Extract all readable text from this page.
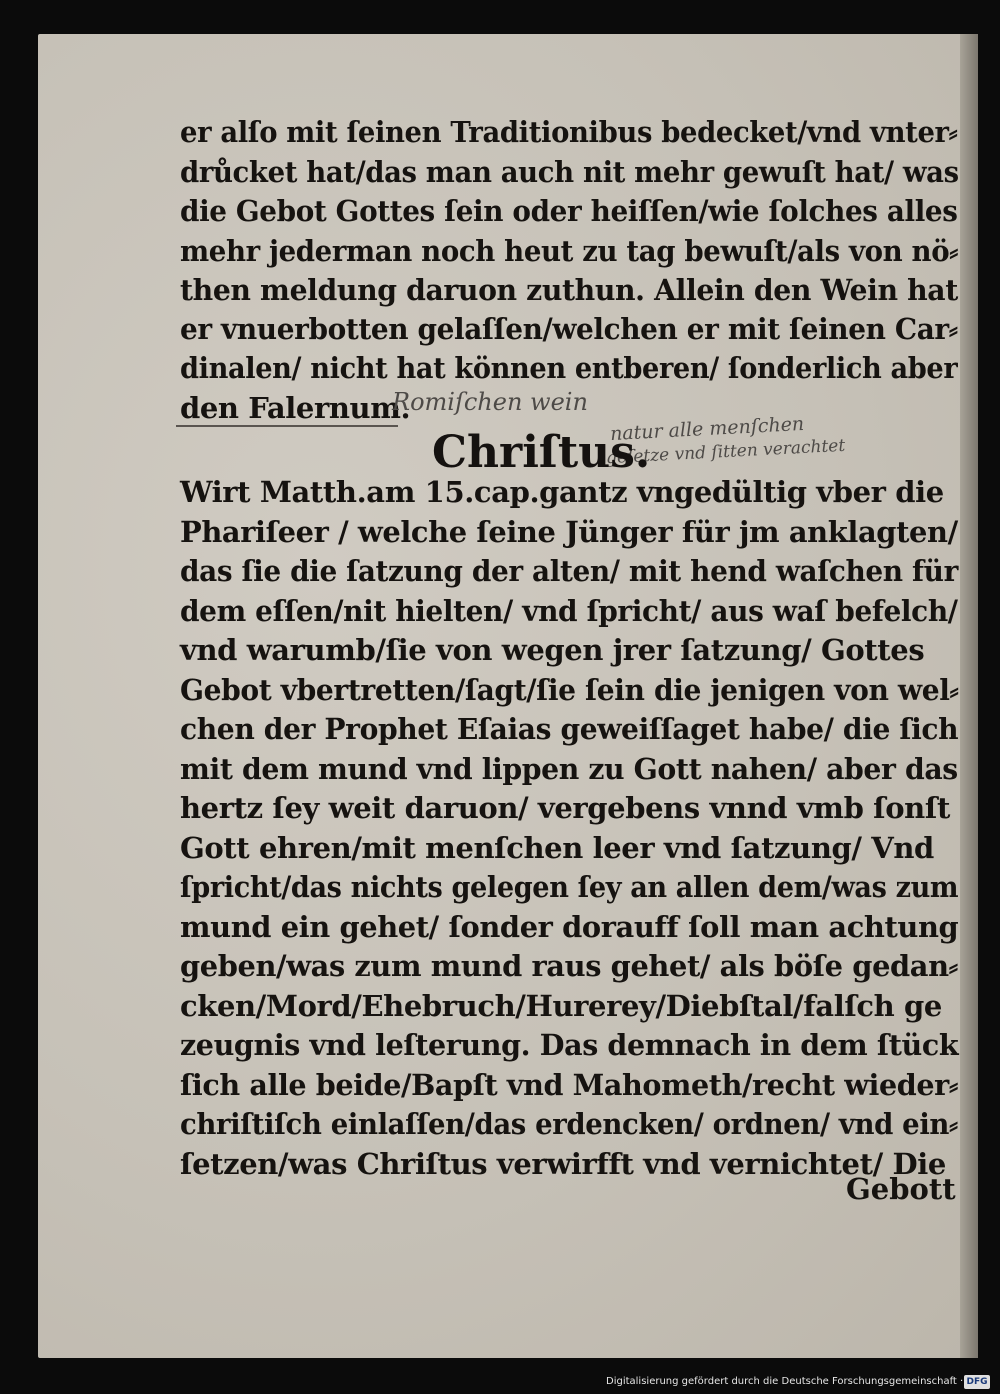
er alſo mit ſeinen Traditionibus bedecket/vnd vnter⸗
drůcket hat/das man auch nit mehr gewuſt hat/ was
die Gebot Gottes ſein oder heiſſen/wie ſolches alles
mehr jederman noch heut zu tag bewuſt/als von nö⸗
then meldung daruon zuthun. Allein den Wein hat
er vnuerbotten gelaſſen/welchen er mit ſeinen Car⸗
dinalen/ nicht hat können entberen/ ſonderlich aber
den Falernum.
Romiſchen wein
natur alle menſchen
geſetze vnd ſitten verachtet
Chriſtus.
Wirt Matth.am 15.cap.gantz vngedültig vber die
Phariſeer / welche ſeine Jünger für jm anklagten/
das ſie die ſatzung der alten/ mit hend waſchen für
dem eſſen/nit hielten/ vnd ſpricht/ aus waſ befelch/
vnd warumb/ſie von wegen jrer ſatzung/ Gottes
Gebot vbertretten/ſagt/ſie ſein die jenigen von wel⸗
chen der Prophet Eſaias geweiſſaget habe/ die ſich
mit dem mund vnd lippen zu Gott nahen/ aber das
hertz ſey weit daruon/ vergebens vnnd vmb ſonſt
Gott ehren/mit menſchen leer vnd ſatzung/ Vnd
ſpricht/das nichts gelegen ſey an allen dem/was zum
mund ein gehet/ ſonder dorauff ſoll man achtung
geben/was zum mund raus gehet/ als böſe gedan⸗
cken/Mord/Ehebruch/Hurerey/Diebſtal/falſch ge
zeugnis vnd leſterung. Das demnach in dem ſtück
ſich alle beide/Bapſt vnd Mahometh/recht wieder⸗
chriſtiſch einlaſſen/das erdencken/ ordnen/ vnd ein⸗
ſetzen/was Chriſtus verwirfft vnd vernichtet/ Die
Gebott
Digitalisierung gefördert durch die Deutsche Forschungsgemeinschaft · DFG
